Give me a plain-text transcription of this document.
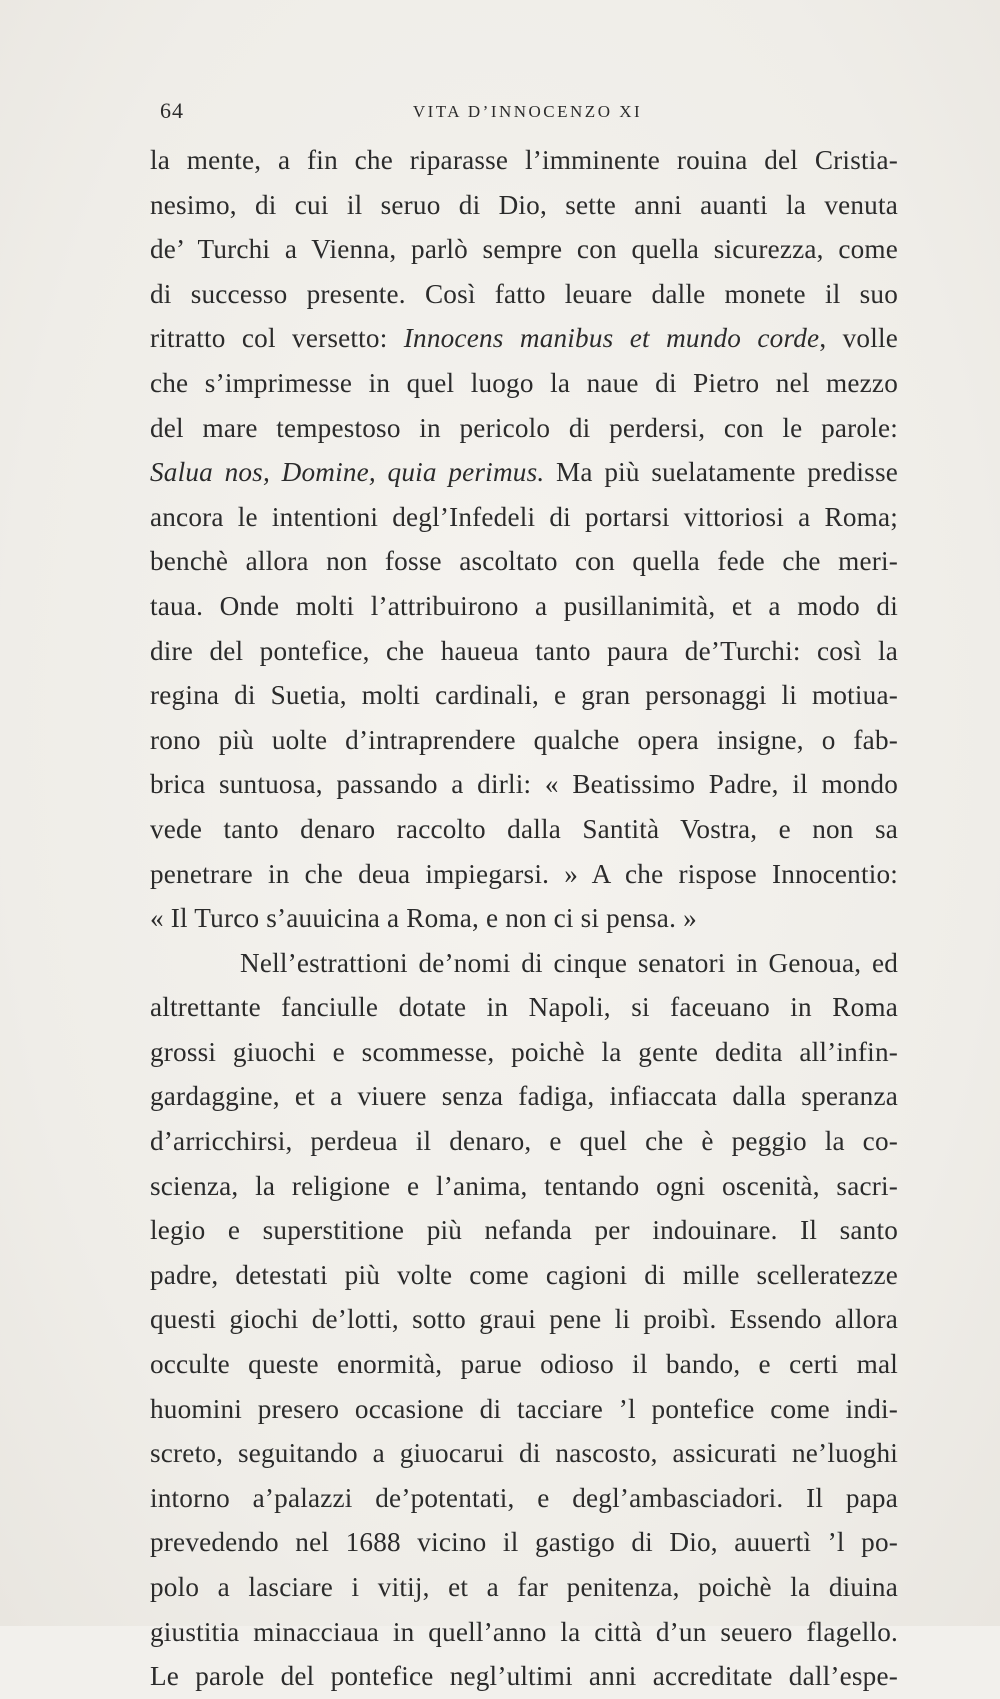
64	VITA D’INNOCENZO XI
la mente, a fin che riparasse l’imminente rouina del Cristia-
nesimo, di cui il seruo di Dio, sette anni auanti la venuta
de’ Turchi a Vienna, parlò sempre con quella sicurezza, come
di successo presente. Così fatto leuare dalle monete il suo
ritratto col versetto: Innocens manibus et mundo corde, volle
che s’imprimesse in quel luogo la naue di Pietro nel mezzo
del mare tempestoso in pericolo di perdersi, con le parole:
Salua nos, Domine, quia perimus. Ma più suelatamente predisse
ancora le intentioni degl’Infedeli di portarsi vittoriosi a Roma;
benchè allora non fosse ascoltato con quella fede che meri-
taua. Onde molti l’attribuirono a pusillanimità, et a modo di
dire del pontefice, che haueua tanto paura de’Turchi: così la
regina di Suetia, molti cardinali, e gran personaggi li motiua-
rono più uolte d’intraprendere qualche opera insigne, o fab-
brica suntuosa, passando a dirli: « Beatissimo Padre, il mondo
vede tanto denaro raccolto dalla Santità Vostra, e non sa
penetrare in che deua impiegarsi. » A che rispose Innocentio:
« Il Turco s’auuicina a Roma, e non ci si pensa. »
Nell’estrattioni de’nomi di cinque senatori in Genoua, ed
altrettante fanciulle dotate in Napoli, si faceuano in Roma
grossi giuochi e scommesse, poichè la gente dedita all’infin-
gardaggine, et a viuere senza fadiga, infiaccata dalla speranza
d’arricchirsi, perdeua il denaro, e quel che è peggio la co-
scienza, la religione e l’anima, tentando ogni oscenità, sacri-
legio e superstitione più nefanda per indouinare. Il santo
padre, detestati più volte come cagioni di mille scelleratezze
questi giochi de’lotti, sotto graui pene li proibì. Essendo allora
occulte queste enormità, parue odioso il bando, e certi mal
huomini presero occasione di tacciare ’l pontefice come indi-
screto, seguitando a giuocarui di nascosto, assicurati ne’luoghi
intorno a’palazzi de’potentati, e degl’ambasciadori. Il papa
prevedendo nel 1688 vicino il gastigo di Dio, auuertì ’l po-
polo a lasciare i vitij, et a far penitenza, poichè la diuina
giustitia minacciaua in quell’anno la città d’un seuero flagello.
Le parole del pontefice negl’ultimi anni accreditate dall’espe-
